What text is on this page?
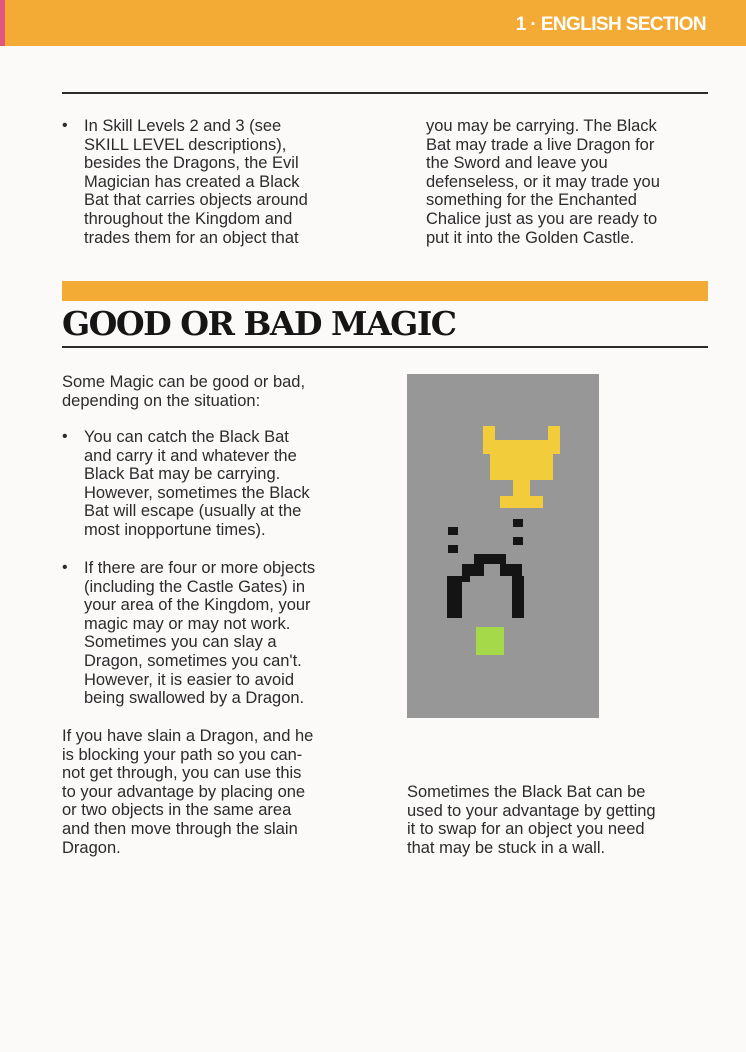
1 · ENGLISH SECTION
• In Skill Levels 2 and 3 (see
SKILL LEVEL descriptions),
besides the Dragons, the Evil
Magician has created a Black
Bat that carries objects around
throughout the Kingdom and
trades them for an object that
you may be carrying. The Black
Bat may trade a live Dragon for
the Sword and leave you
defenseless, or it may trade you
something for the Enchanted
Chalice just as you are ready to
put it into the Golden Castle.
GOOD OR BAD MAGIC
Some Magic can be good or bad,
depending on the situation:
• You can catch the Black Bat
and carry it and whatever the
Black Bat may be carrying.
However, sometimes the Black
Bat will escape (usually at the
most inopportune times).
• If there are four or more objects
(including the Castle Gates) in
your area of the Kingdom, your
magic may or may not work.
Sometimes you can slay a
Dragon, sometimes you can't.
However, it is easier to avoid
being swallowed by a Dragon.
If you have slain a Dragon, and he
is blocking your path so you can-
not get through, you can use this
to your advantage by placing one
or two objects in the same area
and then move through the slain
Dragon.
Sometimes the Black Bat can be
used to your advantage by getting
it to swap for an object you need
that may be stuck in a wall.
